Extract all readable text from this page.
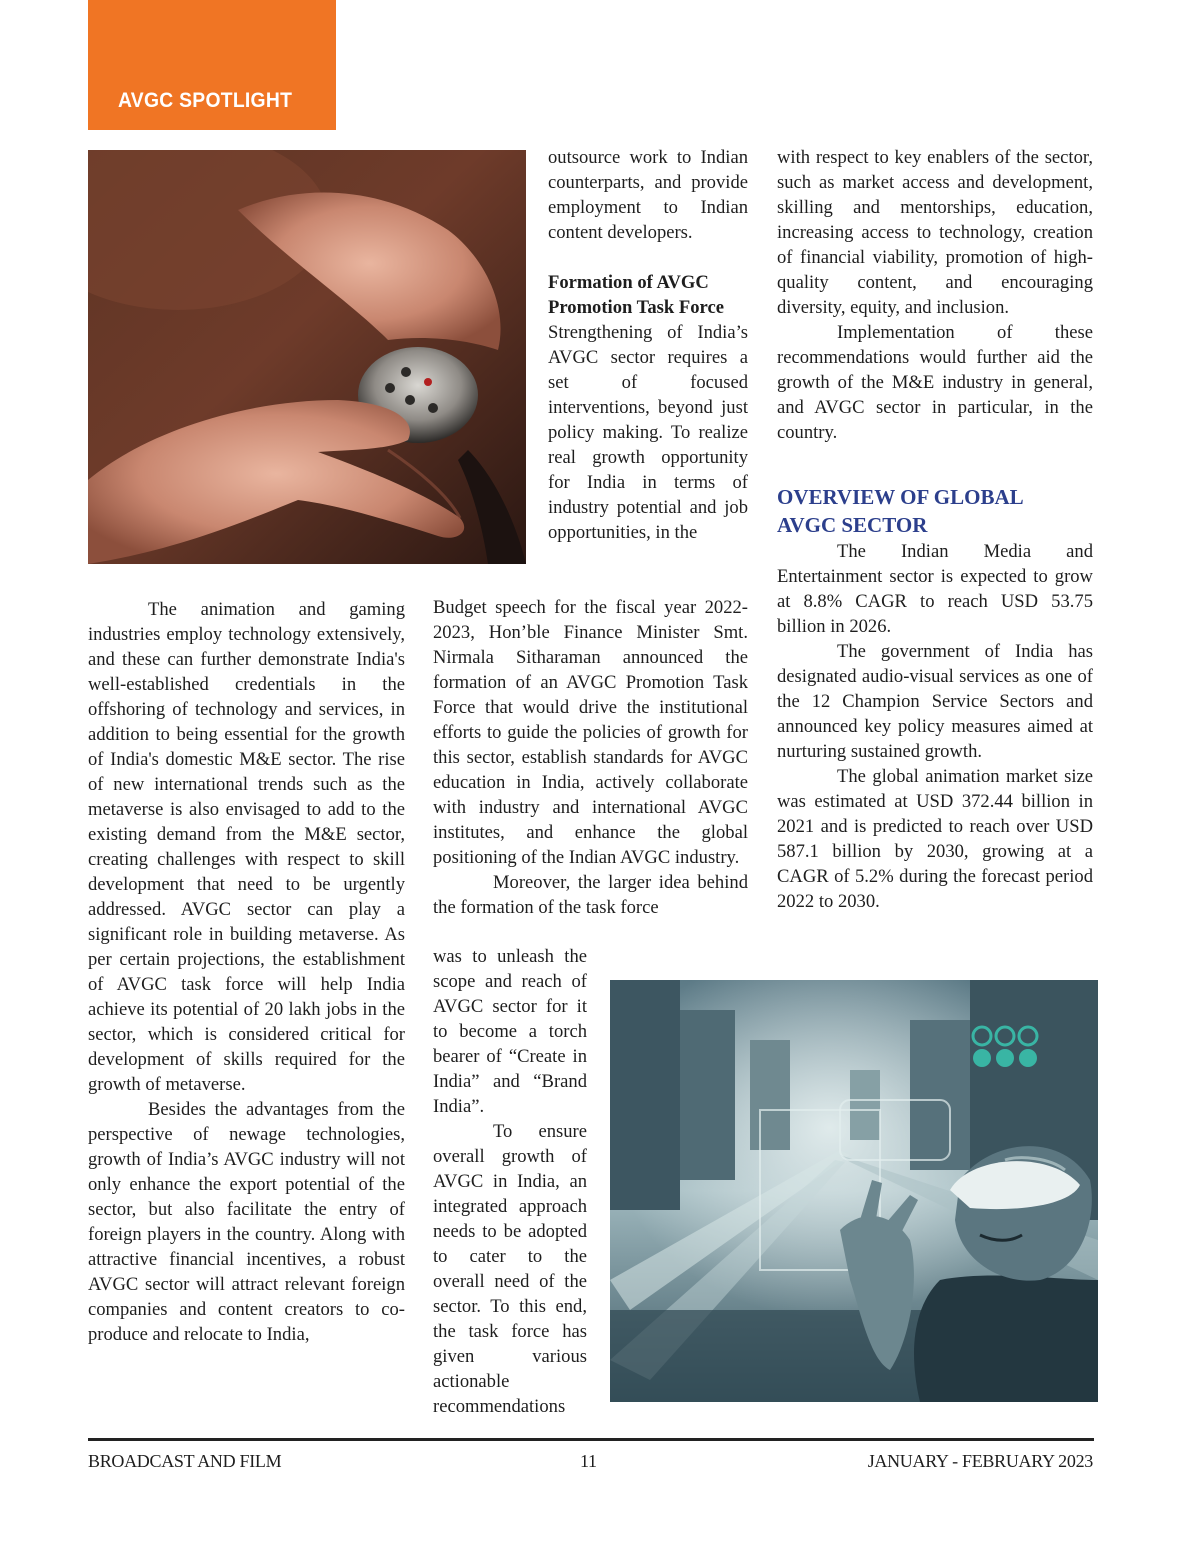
AVGC SPOTLIGHT

The animation and gaming industries employ technology extensively, and these can further demonstrate India's well-established credentials in the offshoring of technology and services, in addition to being essential for the growth of India's domestic M&E sector. The rise of new international trends such as the metaverse is also envisaged to add to the existing demand from the M&E sector, creating challenges with respect to skill development that need to be urgently addressed. AVGC sector can play a significant role in building metaverse. As per certain projections, the establishment of AVGC task force will help India achieve its potential of 20 lakh jobs in the sector, which is considered critical for development of skills required for the growth of metaverse.

Besides the advantages from the perspective of newage technologies, growth of India’s AVGC industry will not only enhance the export potential of the sector, but also facilitate the entry of foreign players in the country. Along with attractive financial incentives, a robust AVGC sector will attract relevant foreign companies and content creators to co-produce and relocate to India,

outsource work to Indian counterparts, and provide employment to Indian content developers.

Formation of AVGC

Promotion Task Force

Strengthening of India’s AVGC sector requires a set of focused interventions, beyond just policy making. To realize real growth opportunity for India in terms of industry potential and job opportunities, in the

Budget speech for the fiscal year 2022-2023, Hon’ble Finance Minister Smt. Nirmala Sitharaman announced the formation of an AVGC Promotion Task Force that would drive the institutional efforts to guide the policies of growth for this sector, establish standards for AVGC education in India, actively collaborate with industry and international AVGC institutes, and enhance the global positioning of the Indian AVGC industry.

Moreover, the larger idea behind the formation of the task force

was to unleash the scope and reach of AVGC sector for it to become a torch bearer of “Create in India” and “Brand India”.

To ensure overall growth of AVGC in India, an integrated approach needs to be adopted to cater to the overall need of the sector. To this end, the task force has given various actionable recommendations

with respect to key enablers of the sector, such as market access and development, skilling and mentorships, education, increasing access to technology, creation of financial viability, promotion of high-quality content, and encouraging diversity, equity, and inclusion.

Implementation of these recommendations would further aid the growth of the M&E industry in general, and AVGC sector in particular, in the country.

OVERVIEW OF GLOBAL

AVGC SECTOR

The Indian Media and Entertainment sector is expected to grow at 8.8% CAGR to reach USD 53.75 billion in 2026.

The government of India has designated audio-visual services as one of the 12 Champion Service Sectors and announced key policy measures aimed at nurturing sustained growth.

The global animation market size was estimated at USD 372.44 billion in 2021 and is predicted to reach over USD 587.1 billion by 2030, growing at a CAGR of 5.2% during the forecast period 2022 to 2030.

BROADCAST AND FILM	11	JANUARY - FEBRUARY 2023
